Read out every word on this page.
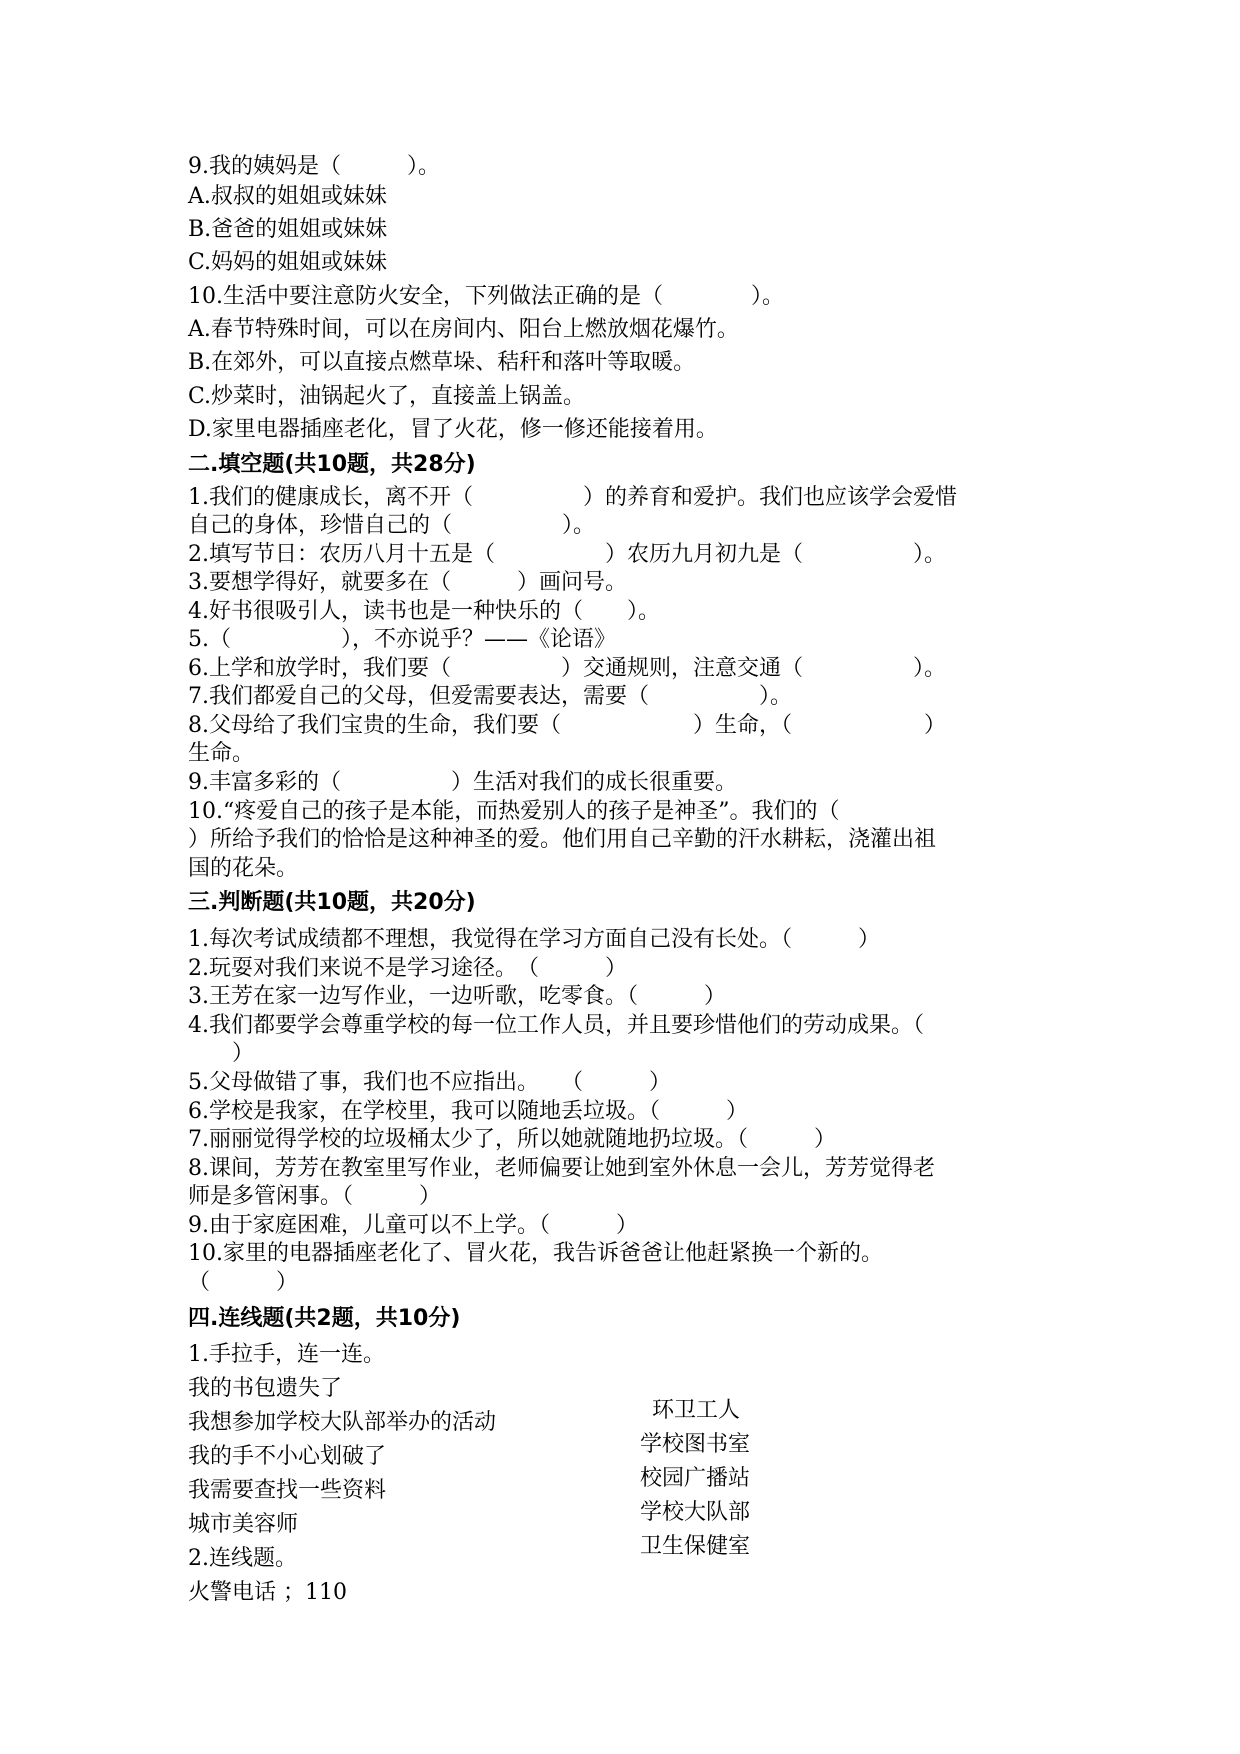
9.我的姨妈是（　　　）。

A.叔叔的姐姐或妹妹

B.爸爸的姐姐或妹妹

C.妈妈的姐姐或妹妹

10.生活中要注意防火安全，下列做法正确的是（　　　　）。

A.春节特殊时间，可以在房间内、阳台上燃放烟花爆竹。

B.在郊外，可以直接点燃草垛、秸秆和落叶等取暖。

C.炒菜时，油锅起火了，直接盖上锅盖。

D.家里电器插座老化，冒了火花，修一修还能接着用。

二.填空题(共10题，共28分)

1.我们的健康成长，离不开（　　　　　）的养育和爱护。我们也应该学会爱惜

自己的身体，珍惜自己的（　　　　　）。

2.填写节日：农历八月十五是（　　　　　）农历九月初九是（　　　　　）。

3.要想学得好，就要多在（　　　）画问号。

4.好书很吸引人，读书也是一种快乐的（　　）。

5.（　　　　　），不亦说乎？——《论语》

6.上学和放学时，我们要（　　　　　）交通规则，注意交通（　　　　　）。

7.我们都爱自己的父母，但爱需要表达，需要（　　　　　）。

8.父母给了我们宝贵的生命，我们要（　　　　　　）生命，（　　　　　　）

生命。

9.丰富多彩的（　　　　　）生活对我们的成长很重要。

10.“疼爱自己的孩子是本能，而热爱别人的孩子是神圣”。我们的（

）所给予我们的恰恰是这种神圣的爱。他们用自己辛勤的汗水耕耘，浇灌出祖

国的花朵。

三.判断题(共10题，共20分)

1.每次考试成绩都不理想，我觉得在学习方面自己没有长处。（　　　）

2.玩耍对我们来说不是学习途径。　（　　　）

3.王芳在家一边写作业，一边听歌，吃零食。（　　　）

4.我们都要学会尊重学校的每一位工作人员，并且要珍惜他们的劳动成果。（

　　）

5.父母做错了事，我们也不应指出。　　（　　　）

6.学校是我家，在学校里，我可以随地丢垃圾。（　　　）

7.丽丽觉得学校的垃圾桶太少了，所以她就随地扔垃圾。（　　　）

8.课间，芳芳在教室里写作业，老师偏要让她到室外休息一会儿，芳芳觉得老

师是多管闲事。（　　　）

9.由于家庭困难，儿童可以不上学。（　　　）

10.家里的电器插座老化了、冒火花，我告诉爸爸让他赶紧换一个新的。

（　　　）

四.连线题(共2题，共10分)

1.手拉手，连一连。

我的书包遗失了

环卫工人

我想参加学校大队部举办的活动

学校图书室

我的手不小心划破了

校园广播站

我需要查找一些资料

学校大队部

城市美容师

卫生保健室

2.连线题。

火警电话 ；110
